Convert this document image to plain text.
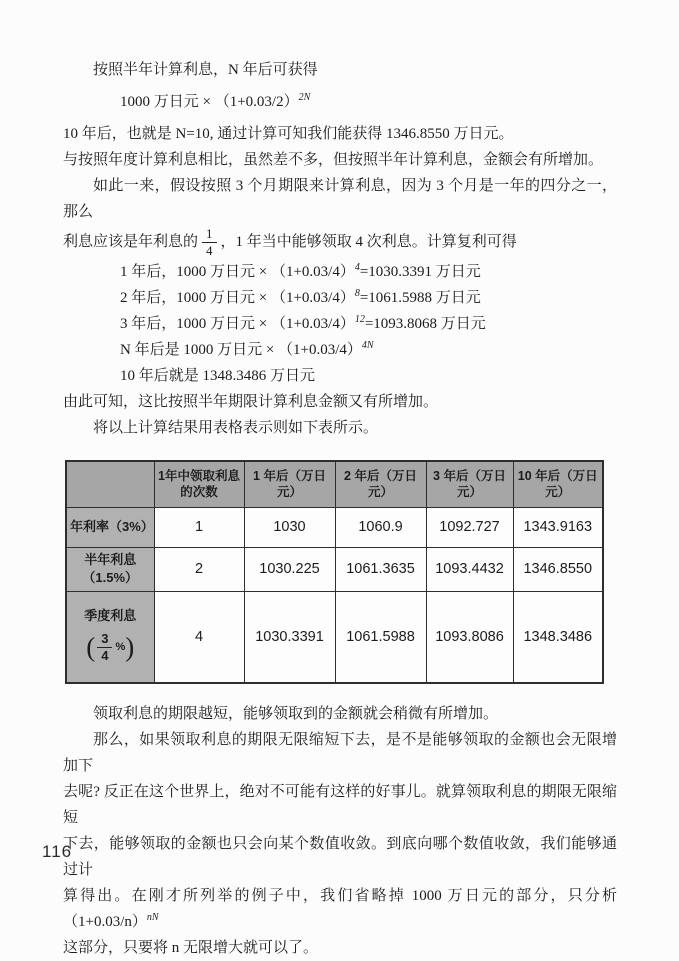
按照半年计算利息，N 年后可获得

1000 万日元 × $(1+0.03/2)^{2N}$

10 年后，也就是 N=10, 通过计算可知我们能获得 1346.8550 万日元。

与按照年度计算利息相比，虽然差不多，但按照半年计算利息，金额会有所增加。

如此一来，假设按照 3 个月期限来计算利息，因为 3 个月是一年的四分之一，那么

利息应该是年利息的 $\frac{1}{4}$ ，1 年当中能够领取 4 次利息。计算复利可得

1 年后，1000 万日元 × $(1+0.03/4)^4=1030.3391$ 万日元

2 年后，1000 万日元 × $(1+0.03/4)^8=1061.5988$ 万日元

3 年后，1000 万日元 × $(1+0.03/4)^{12}=1093.8068$ 万日元

N 年后是 1000 万日元 × $(1+0.03/4)^{4N}$

10 年后就是 1348.3486 万日元

由此可知，这比按照半年期限计算利息金额又有所增加。

将以上计算结果用表格表示则如下表所示。

	1年中领取利息的次数	1 年后（万日元）	2 年后（万日元）	3 年后（万日元）	10 年后（万日元）
年利率（3%）	1	1030	1060.9	1092.727	1343.9163
半年利息（1.5%）	2	1030.225	1061.3635	1093.4432	1346.8550

季度利息
( $\frac{3}{4}$ % )	4	1030.3391	1061.5988	1093.8086	1348.3486

领取利息的期限越短，能够领取到的金额就会稍微有所增加。

那么，如果领取利息的期限无限缩短下去，是不是能够领取的金额也会无限增加下

去呢? 反正在这个世界上，绝对不可能有这样的好事儿。就算领取利息的期限无限缩短

下去，能够领取的金额也只会向某个数值收敛。到底向哪个数值收敛，我们能够通过计

算得出。在刚才所列举的例子中，我们省略掉 1000 万日元的部分，只分析$(1+0.03/n)^{nN}$

这部分，只要将 n 无限增大就可以了。

116
